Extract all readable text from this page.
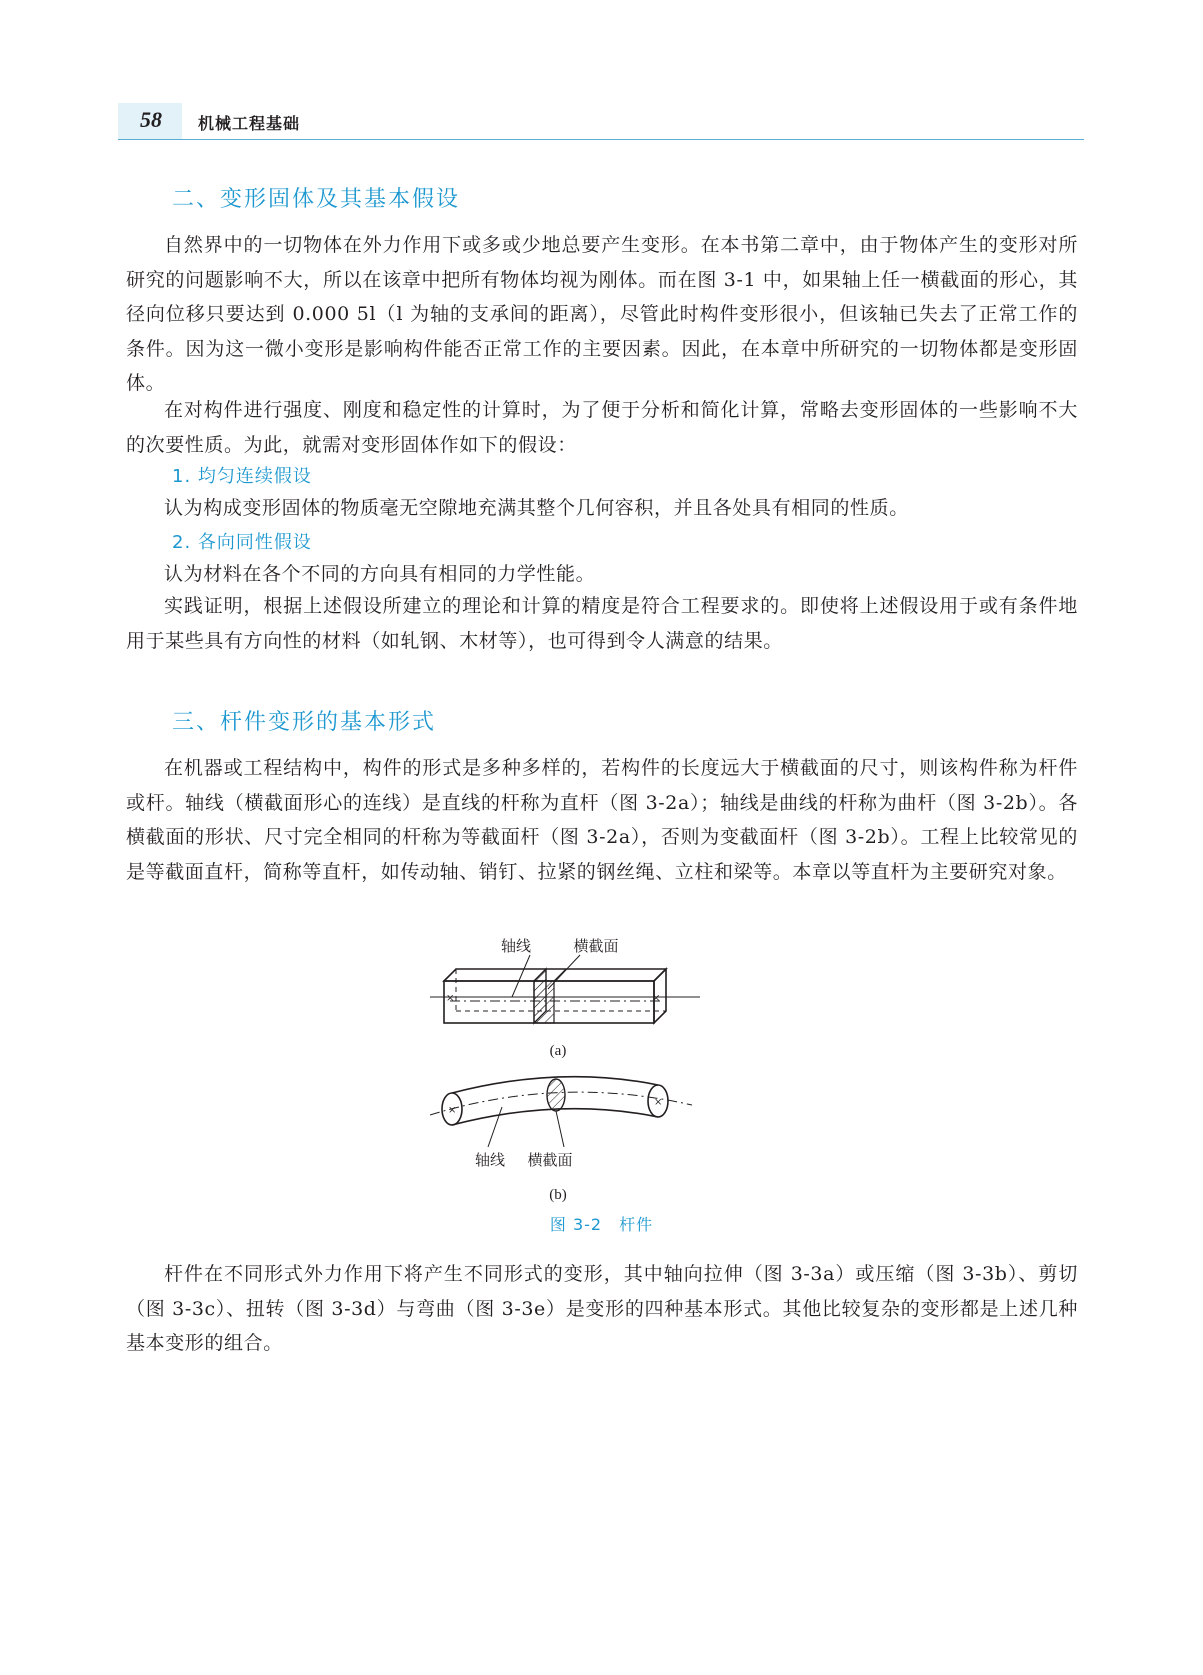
58 机械工程基础
二、变形固体及其基本假设

自然界中的一切物体在外力作用下或多或少地总要产生变形。在本书第二章中，由于物体产生的变形对所研究的问题影响不大，所以在该章中把所有物体均视为刚体。而在图 3-1 中，如果轴上任一横截面的形心，其径向位移只要达到 0.000 5l（l 为轴的支承间的距离），尽管此时构件变形很小，但该轴已失去了正常工作的条件。因为这一微小变形是影响构件能否正常工作的主要因素。因此，在本章中所研究的一切物体都是变形固体。

在对构件进行强度、刚度和稳定性的计算时，为了便于分析和简化计算，常略去变形固体的一些影响不大的次要性质。为此，就需对变形固体作如下的假设：

1. 均匀连续假设

认为构成变形固体的物质毫无空隙地充满其整个几何容积，并且各处具有相同的性质。

2. 各向同性假设

认为材料在各个不同的方向具有相同的力学性能。

实践证明，根据上述假设所建立的理论和计算的精度是符合工程要求的。即使将上述假设用于或有条件地用于某些具有方向性的材料（如轧钢、木材等），也可得到令人满意的结果。

三、杆件变形的基本形式

在机器或工程结构中，构件的形式是多种多样的，若构件的长度远大于横截面的尺寸，则该构件称为杆件或杆。轴线（横截面形心的连线）是直线的杆称为直杆（图 3-2a）；轴线是曲线的杆称为曲杆（图 3-2b）。各横截面的形状、尺寸完全相同的杆称为等截面杆（图 3-2a），否则为变截面杆（图 3-2b）。工程上比较常见的是等截面直杆，简称等直杆，如传动轴、销钉、拉紧的钢丝绳、立柱和梁等。本章以等直杆为主要研究对象。

×	×
轴线	横截面
(a)
×
×
轴线 横截面
(b)
图 3-2　杆件

杆件在不同形式外力作用下将产生不同形式的变形，其中轴向拉伸（图 3-3a）或压缩（图 3-3b）、剪切（图 3-3c）、扭转（图 3-3d）与弯曲（图 3-3e）是变形的四种基本形式。其他比较复杂的变形都是上述几种基本变形的组合。
